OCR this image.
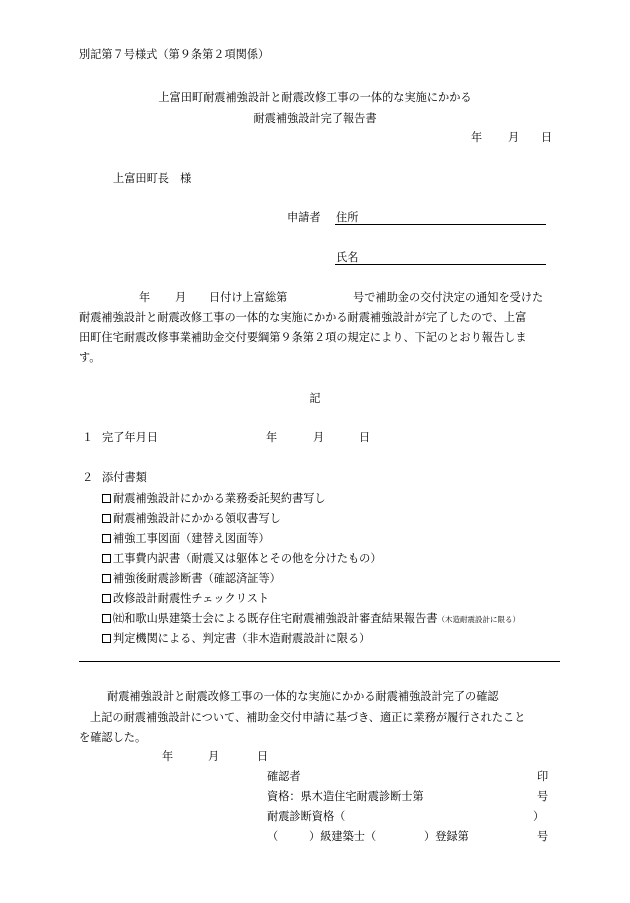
別記第７号様式（第９条第２項関係）
上富田町耐震補強設計と耐震改修工事の一体的な実施にかかる
耐震補強設計完了報告書
年 月 日
上富田町長　様
申請者 住所
氏名
年 月 日付け上富総第	号で補助金の交付決定の通知を受けた
耐震補強設計と耐震改修工事の一体的な実施にかかる耐震補強設計が完了したので、上富
田町住宅耐震改修事業補助金交付要綱第９条第２項の規定により、下記のとおり報告しま
す。
記
１ 完了年月日	年	月	日
２ 添付書類
耐震補強設計にかかる業務委託契約書写し
耐震補強設計にかかる領収書写し
補強工事図面（建替え図面等）
工事費内訳書（耐震又は躯体とその他を分けたもの）
補強後耐震診断書（確認済証等）
改修設計耐震性チェックリスト
㈳和歌山県建築士会による既存住宅耐震補強設計審査結果報告書（木造耐震設計に限る）
判定機関による、判定書（非木造耐震設計に限る）
耐震補強設計と耐震改修工事の一体的な実施にかかる耐震補強設計完了の確認
上記の耐震補強設計について、補助金交付申請に基づき、適正に業務が履行されたこと
を確認した。
年	月	日
確認者	印
資格：県木造住宅耐震診断士第	号
耐震診断資格（	）
（	）級建築士（	）登録第	号
